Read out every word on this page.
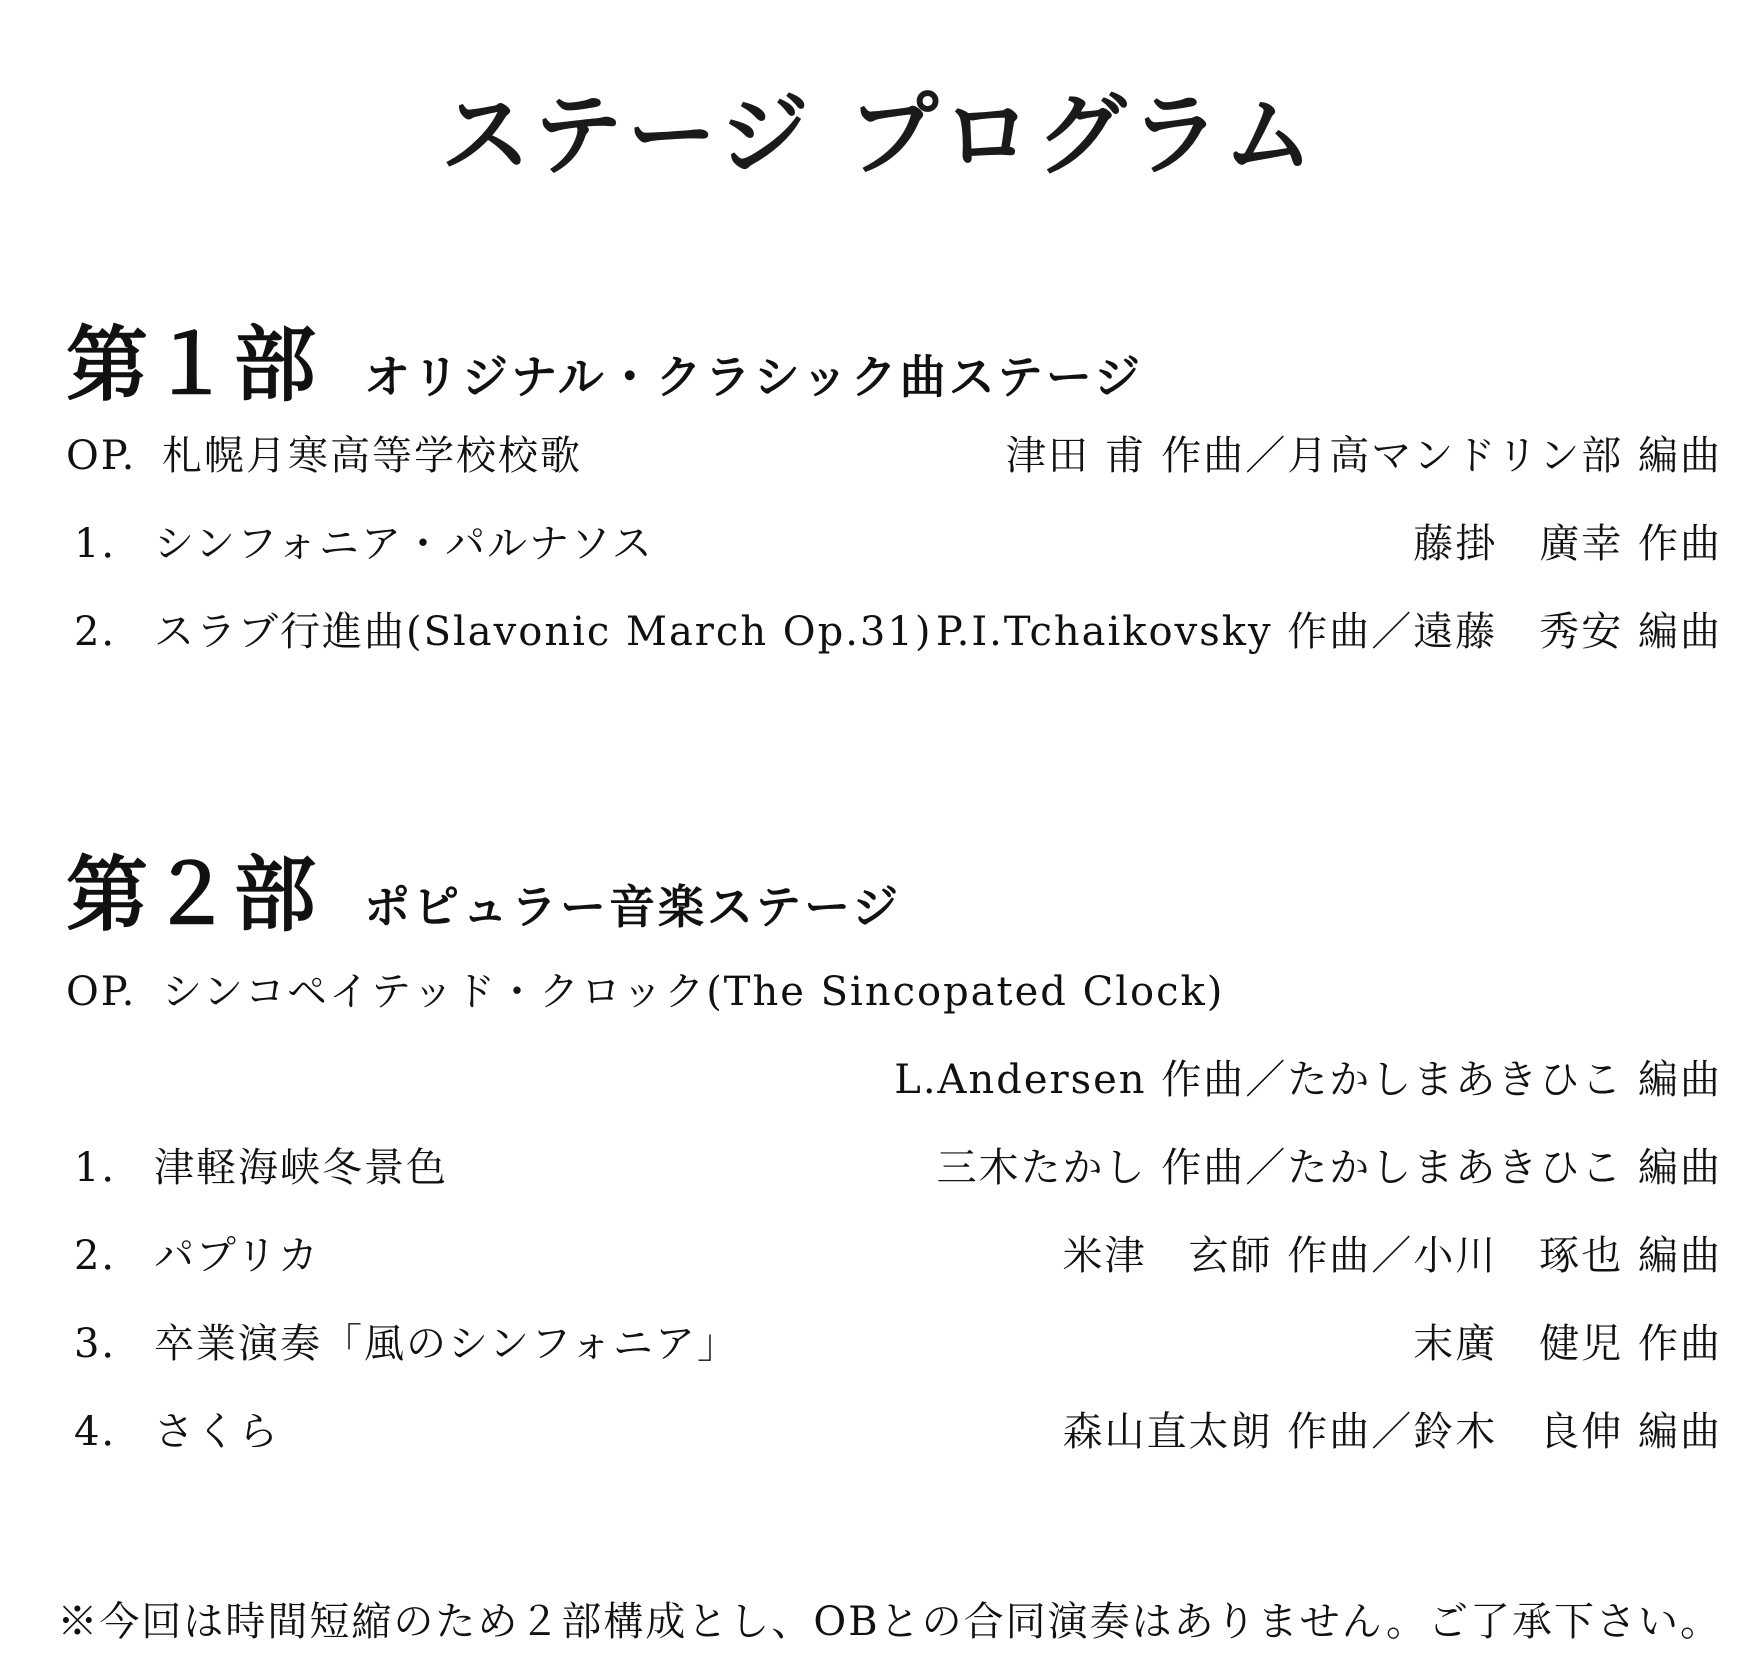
ステージ プログラム
第１部 オリジナル・クラシック曲ステージ
OP. 札幌月寒高等学校校歌	津田 甫 作曲／月高マンドリン部 編曲
1． シンフォニア・パルナソス	藤掛　廣幸 作曲
2． スラブ行進曲(Slavonic March Op.31) P.I.Tchaikovsky 作曲／遠藤　秀安 編曲
第２部 ポピュラー音楽ステージ
OP. シンコペイテッド・クロック(The Sincopated Clock)
L.Andersen 作曲／たかしまあきひこ 編曲
1． 津軽海峡冬景色	三木たかし 作曲／たかしまあきひこ 編曲
2． パプリカ	米津　玄師 作曲／小川　琢也 編曲
3． 卒業演奏「風のシンフォニア」	末廣　健児 作曲
4． さくら	森山直太朗 作曲／鈴木　良伸 編曲
※今回は時間短縮のため２部構成とし、OBとの合同演奏はありません。ご了承下さい。
